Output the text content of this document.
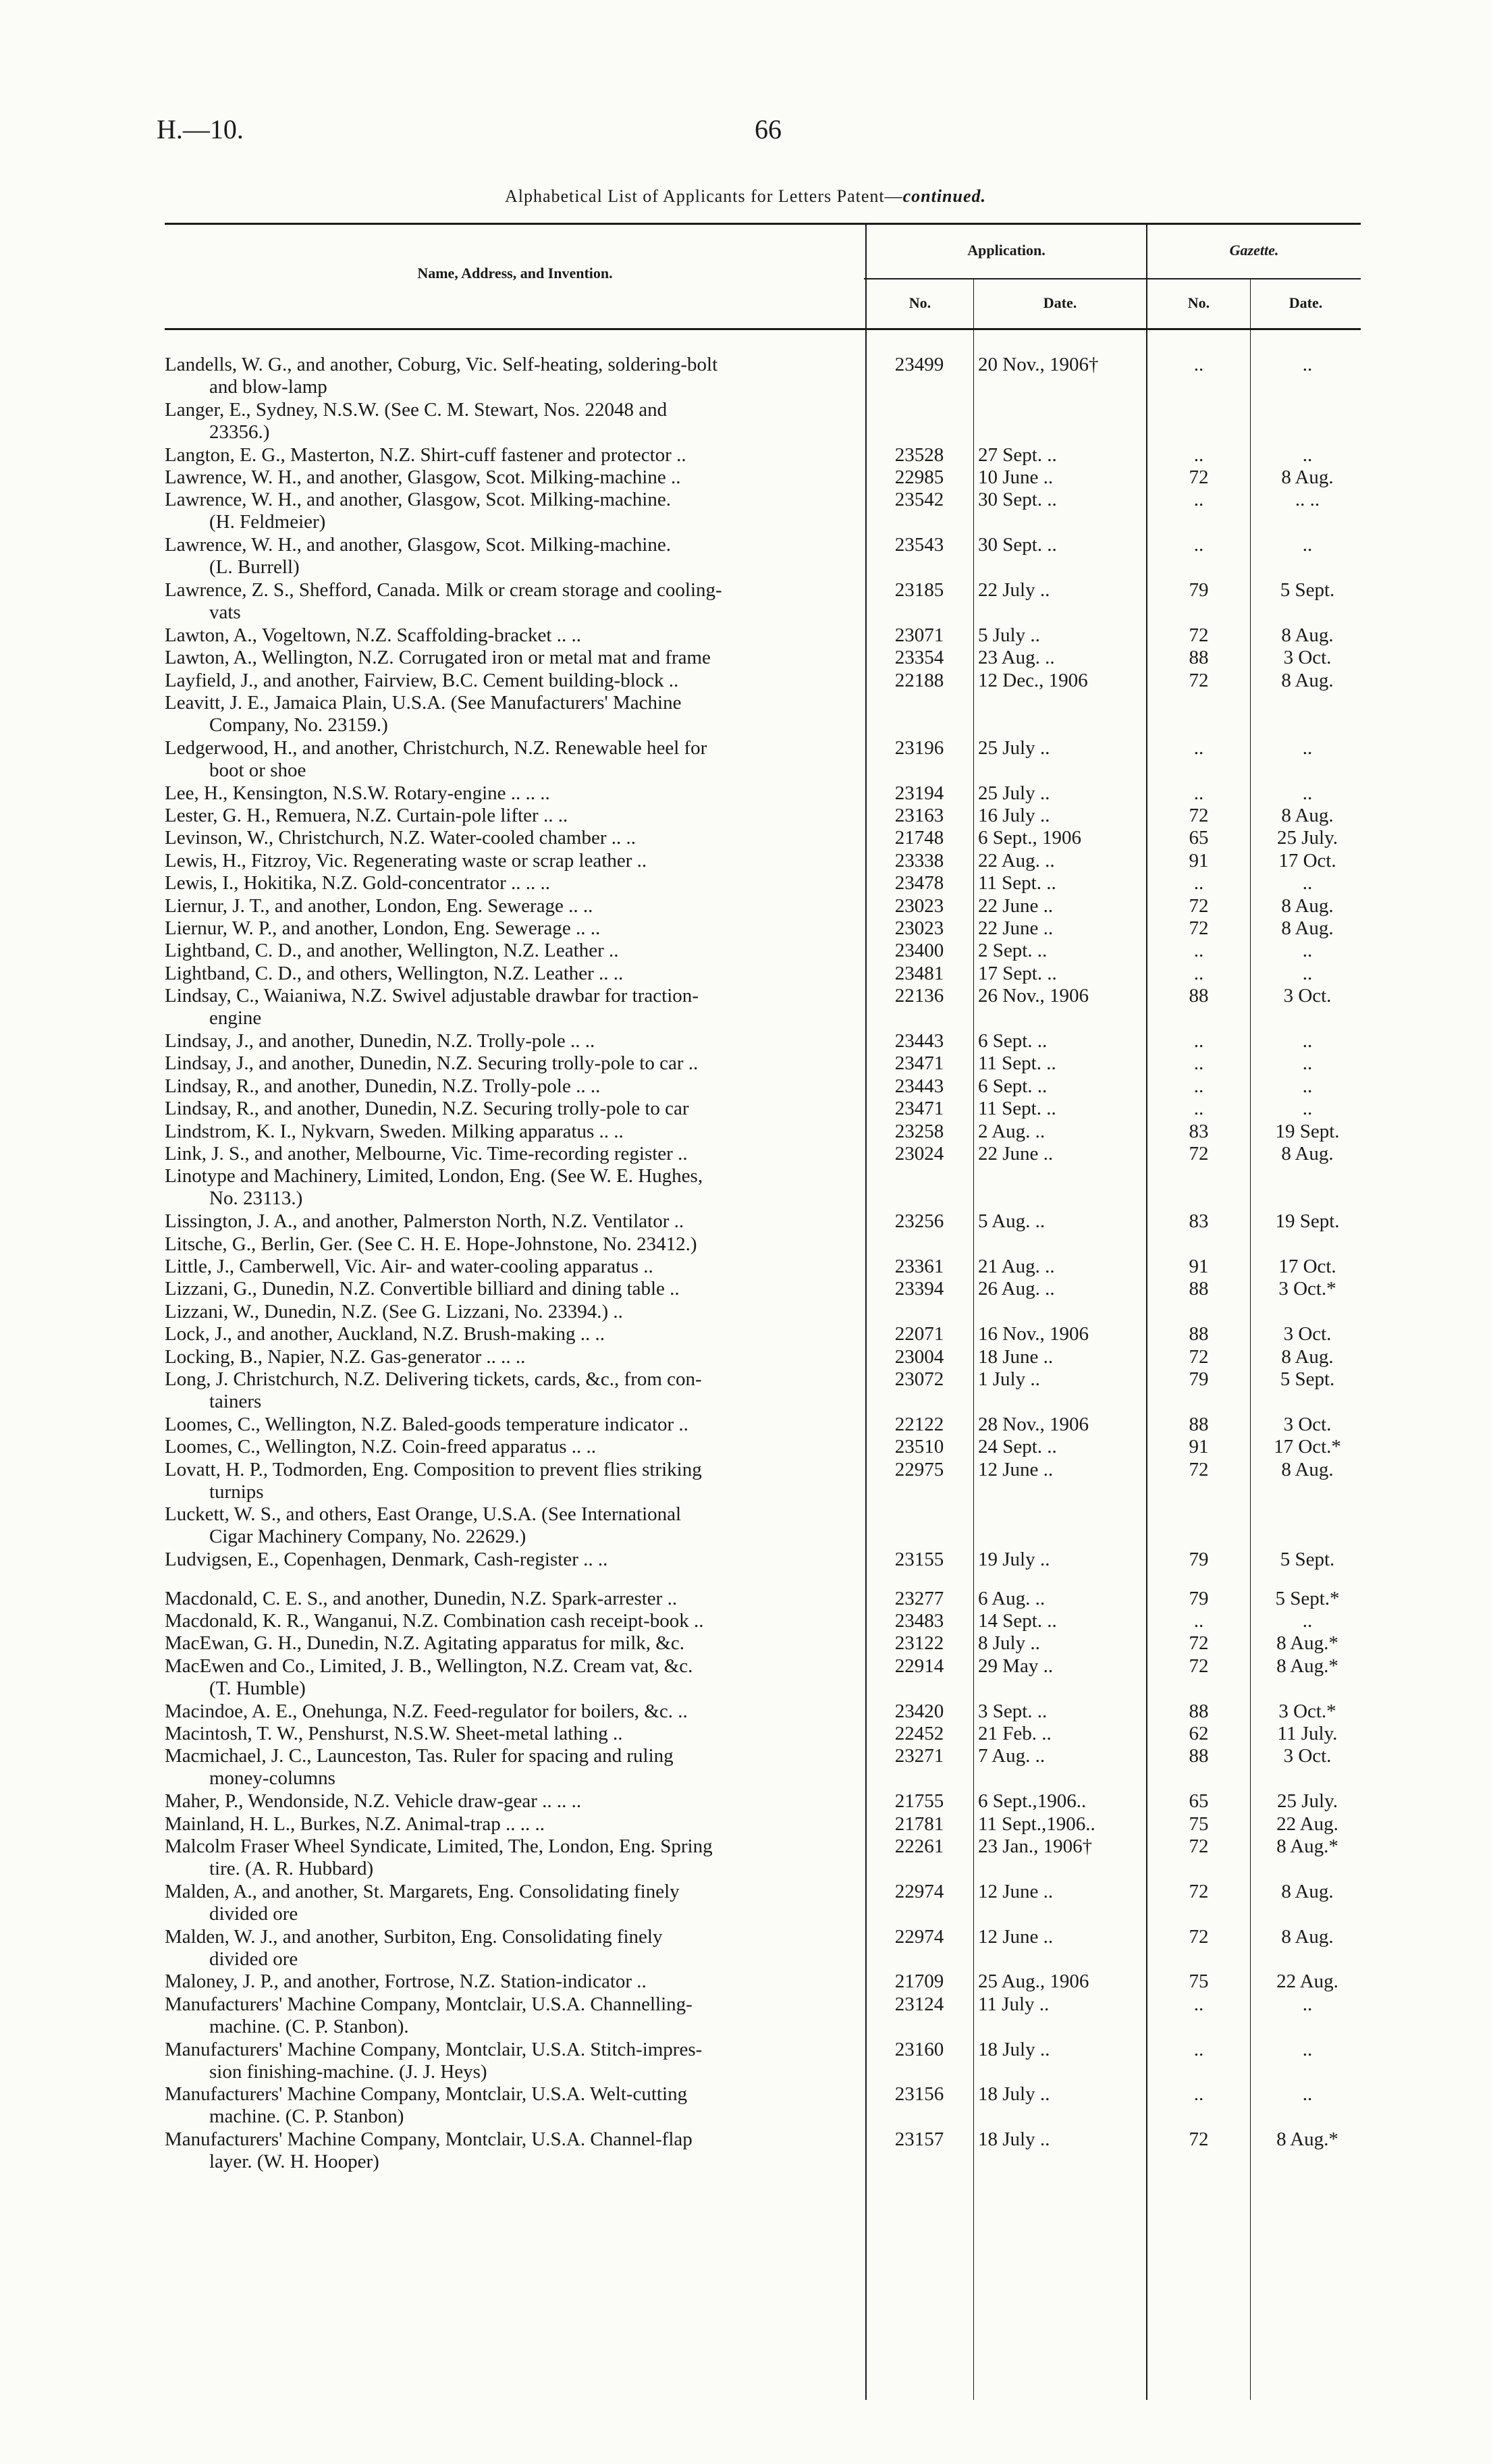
H.—10.	66
Alphabetical List of Applicants for Letters Patent—continued.
Name, Address, and Invention.
Application.	Gazette.
No.	Date.	No.	Date.
Landells, W. G., and another, Coburg, Vic. Self-heating, soldering-bolt
and blow-lamp
23499	20 Nov., 1906†	..	..
Langer, E., Sydney, N.S.W. (See C. M. Stewart, Nos. 22048 and
23356.)
Langton, E. G., Masterton, N.Z. Shirt-cuff fastener and protector ..	23528	27 Sept. ..	..	..
Lawrence, W. H., and another, Glasgow, Scot. Milking-machine ..	22985	10 June ..	72	8 Aug.
Lawrence, W. H., and another, Glasgow, Scot. Milking-machine.
(H. Feldmeier)
23542	30 Sept. ..	..	.. ..
Lawrence, W. H., and another, Glasgow, Scot. Milking-machine.
(L. Burrell)
23543	30 Sept. ..	..	..
Lawrence, Z. S., Shefford, Canada. Milk or cream storage and cooling-
vats
23185	22 July ..	79	5 Sept.
Lawton, A., Vogeltown, N.Z. Scaffolding-bracket .. ..	23071	5 July ..	72	8 Aug.
Lawton, A., Wellington, N.Z. Corrugated iron or metal mat and frame	23354	23 Aug. ..	88	3 Oct.
Layfield, J., and another, Fairview, B.C. Cement building-block ..	22188	12 Dec., 1906	72	8 Aug.
Leavitt, J. E., Jamaica Plain, U.S.A. (See Manufacturers' Machine
Company, No. 23159.)
Ledgerwood, H., and another, Christchurch, N.Z. Renewable heel for
boot or shoe
23196	25 July ..	..	..
Lee, H., Kensington, N.S.W. Rotary-engine .. .. ..	23194	25 July ..	..	..
Lester, G. H., Remuera, N.Z. Curtain-pole lifter .. ..	23163	16 July ..	72	8 Aug.
Levinson, W., Christchurch, N.Z. Water-cooled chamber .. ..	21748	6 Sept., 1906	65	25 July.
Lewis, H., Fitzroy, Vic. Regenerating waste or scrap leather ..	23338	22 Aug. ..	91	17 Oct.
Lewis, I., Hokitika, N.Z. Gold-concentrator .. .. ..	23478	11 Sept. ..	..	..
Liernur, J. T., and another, London, Eng. Sewerage .. ..	23023	22 June ..	72	8 Aug.
Liernur, W. P., and another, London, Eng. Sewerage .. ..	23023	22 June ..	72	8 Aug.
Lightband, C. D., and another, Wellington, N.Z. Leather ..	23400	2 Sept. ..	..	..
Lightband, C. D., and others, Wellington, N.Z. Leather .. ..	23481	17 Sept. ..	..	..
Lindsay, C., Waianiwa, N.Z. Swivel adjustable drawbar for traction-
engine
22136	26 Nov., 1906	88	3 Oct.
Lindsay, J., and another, Dunedin, N.Z. Trolly-pole .. ..	23443	6 Sept. ..	..	..
Lindsay, J., and another, Dunedin, N.Z. Securing trolly-pole to car ..	23471	11 Sept. ..	..	..
Lindsay, R., and another, Dunedin, N.Z. Trolly-pole .. ..	23443	6 Sept. ..	..	..
Lindsay, R., and another, Dunedin, N.Z. Securing trolly-pole to car	23471	11 Sept. ..	..	..
Lindstrom, K. I., Nykvarn, Sweden. Milking apparatus .. ..	23258	2 Aug. ..	83	19 Sept.
Link, J. S., and another, Melbourne, Vic. Time-recording register ..	23024	22 June ..	72	8 Aug.
Linotype and Machinery, Limited, London, Eng. (See W. E. Hughes,
No. 23113.)
Lissington, J. A., and another, Palmerston North, N.Z. Ventilator ..	23256	5 Aug. ..	83	19 Sept.
Litsche, G., Berlin, Ger. (See C. H. E. Hope-Johnstone, No. 23412.)
Little, J., Camberwell, Vic. Air- and water-cooling apparatus ..	23361	21 Aug. ..	91	17 Oct.
Lizzani, G., Dunedin, N.Z. Convertible billiard and dining table ..	23394	26 Aug. ..	88	3 Oct.*
Lizzani, W., Dunedin, N.Z. (See G. Lizzani, No. 23394.) ..
Lock, J., and another, Auckland, N.Z. Brush-making .. ..	22071	16 Nov., 1906	88	3 Oct.
Locking, B., Napier, N.Z. Gas-generator .. .. ..	23004	18 June ..	72	8 Aug.
Long, J. Christchurch, N.Z. Delivering tickets, cards, &c., from con-
tainers
23072	1 July ..	79	5 Sept.
Loomes, C., Wellington, N.Z. Baled-goods temperature indicator ..	22122	28 Nov., 1906	88	3 Oct.
Loomes, C., Wellington, N.Z. Coin-freed apparatus .. ..	23510	24 Sept. ..	91	17 Oct.*
Lovatt, H. P., Todmorden, Eng. Composition to prevent flies striking
turnips
22975	12 June ..	72	8 Aug.
Luckett, W. S., and others, East Orange, U.S.A. (See International
Cigar Machinery Company, No. 22629.)
Ludvigsen, E., Copenhagen, Denmark, Cash-register .. ..	23155	19 July ..	79	5 Sept.
Macdonald, C. E. S., and another, Dunedin, N.Z. Spark-arrester ..	23277	6 Aug. ..	79	5 Sept.*
Macdonald, K. R., Wanganui, N.Z. Combination cash receipt-book ..	23483	14 Sept. ..	..	..
MacEwan, G. H., Dunedin, N.Z. Agitating apparatus for milk, &c.	23122	8 July ..	72	8 Aug.*
MacEwen and Co., Limited, J. B., Wellington, N.Z. Cream vat, &c.
(T. Humble)
22914	29 May ..	72	8 Aug.*
Macindoe, A. E., Onehunga, N.Z. Feed-regulator for boilers, &c. ..	23420	3 Sept. ..	88	3 Oct.*
Macintosh, T. W., Penshurst, N.S.W. Sheet-metal lathing ..	22452	21 Feb. ..	62	11 July.
Macmichael, J. C., Launceston, Tas. Ruler for spacing and ruling
money-columns
23271	7 Aug. ..	88	3 Oct.
Maher, P., Wendonside, N.Z. Vehicle draw-gear .. .. ..	21755	6 Sept.,1906..	65	25 July.
Mainland, H. L., Burkes, N.Z. Animal-trap .. .. ..	21781	11 Sept.,1906..	75	22 Aug.
Malcolm Fraser Wheel Syndicate, Limited, The, London, Eng. Spring
tire. (A. R. Hubbard)
22261	23 Jan., 1906†	72	8 Aug.*
Malden, A., and another, St. Margarets, Eng. Consolidating finely
divided ore
22974	12 June ..	72	8 Aug.
Malden, W. J., and another, Surbiton, Eng. Consolidating finely
divided ore
22974	12 June ..	72	8 Aug.
Maloney, J. P., and another, Fortrose, N.Z. Station-indicator ..	21709	25 Aug., 1906	75	22 Aug.
Manufacturers' Machine Company, Montclair, U.S.A. Channelling-
machine. (C. P. Stanbon).
23124	11 July ..	..	..
Manufacturers' Machine Company, Montclair, U.S.A. Stitch-impres-
sion finishing-machine. (J. J. Heys)
23160	18 July ..	..	..
Manufacturers' Machine Company, Montclair, U.S.A. Welt-cutting
machine. (C. P. Stanbon)
23156	18 July ..	..	..
Manufacturers' Machine Company, Montclair, U.S.A. Channel-flap
layer. (W. H. Hooper)
23157	18 July ..	72	8 Aug.*
